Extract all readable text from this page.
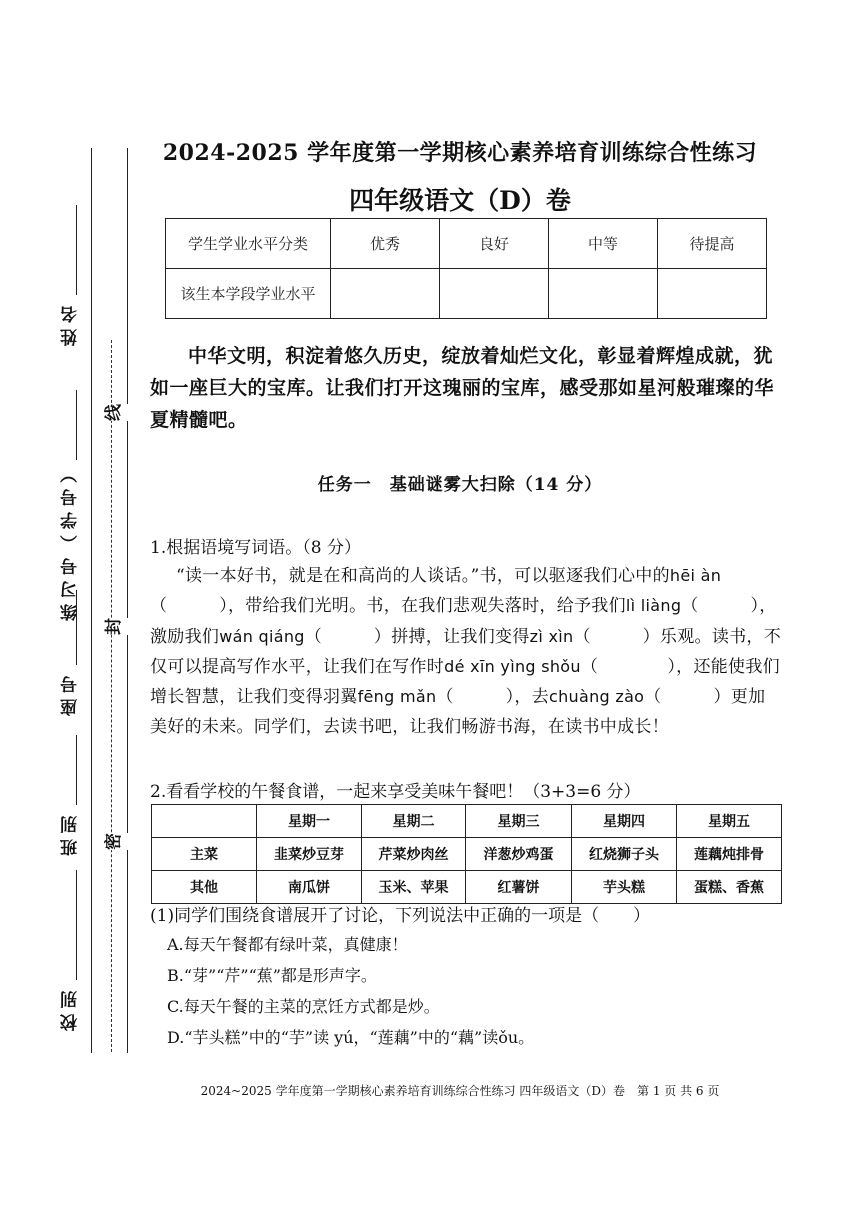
线
封
密
姓名
练习号（学号）
座号
班别
校别
2024-2025 学年度第一学期核心素养培育训练综合性练习
四年级语文（D）卷
学生学业水平分类	优秀	良好	中等	待提高
该生本学段学业水平				
中华文明，积淀着悠久历史，绽放着灿烂文化，彰显着辉煌成就，犹如一座巨大的宝库。让我们打开这瑰丽的宝库，感受那如星河般璀璨的华夏精髓吧。
任务一　基础谜雾大扫除（14 分）
1.根据语境写词语。（8 分）
“读一本好书，就是在和高尚的人谈话。”书，可以驱逐我们心中的hēi àn（　　　），带给我们光明。书，在我们悲观失落时，给予我们lì liàng（　　　），激励我们wán qiáng（　　　）拼搏，让我们变得zì xìn（　　　）乐观。读书，不仅可以提高写作水平，让我们在写作时dé xīn yìng shǒu（　　　　），还能使我们增长智慧，让我们变得羽翼fēng mǎn（　　　），去chuàng zào（　　　）更加美好的未来。同学们，去读书吧，让我们畅游书海，在读书中成长！
2.看看学校的午餐食谱，一起来享受美味午餐吧！（3+3=6 分）
	星期一	星期二	星期三	星期四	星期五
主菜	韭菜炒豆芽	芹菜炒肉丝	洋葱炒鸡蛋	红烧狮子头	莲藕炖排骨
其他	南瓜饼	玉米、苹果	红薯饼	芋头糕	蛋糕、香蕉
(1)同学们围绕食谱展开了讨论，下列说法中正确的一项是（　　）
A.每天午餐都有绿叶菜，真健康！
B.“芽”“芹”“蕉”都是形声字。
C.每天午餐的主菜的烹饪方式都是炒。
D.“芋头糕”中的“芋”读 yú，“莲藕”中的“藕”读ǒu。
2024~2025 学年度第一学期核心素养培育训练综合性练习 四年级语文（D）卷　第 1 页 共 6 页
